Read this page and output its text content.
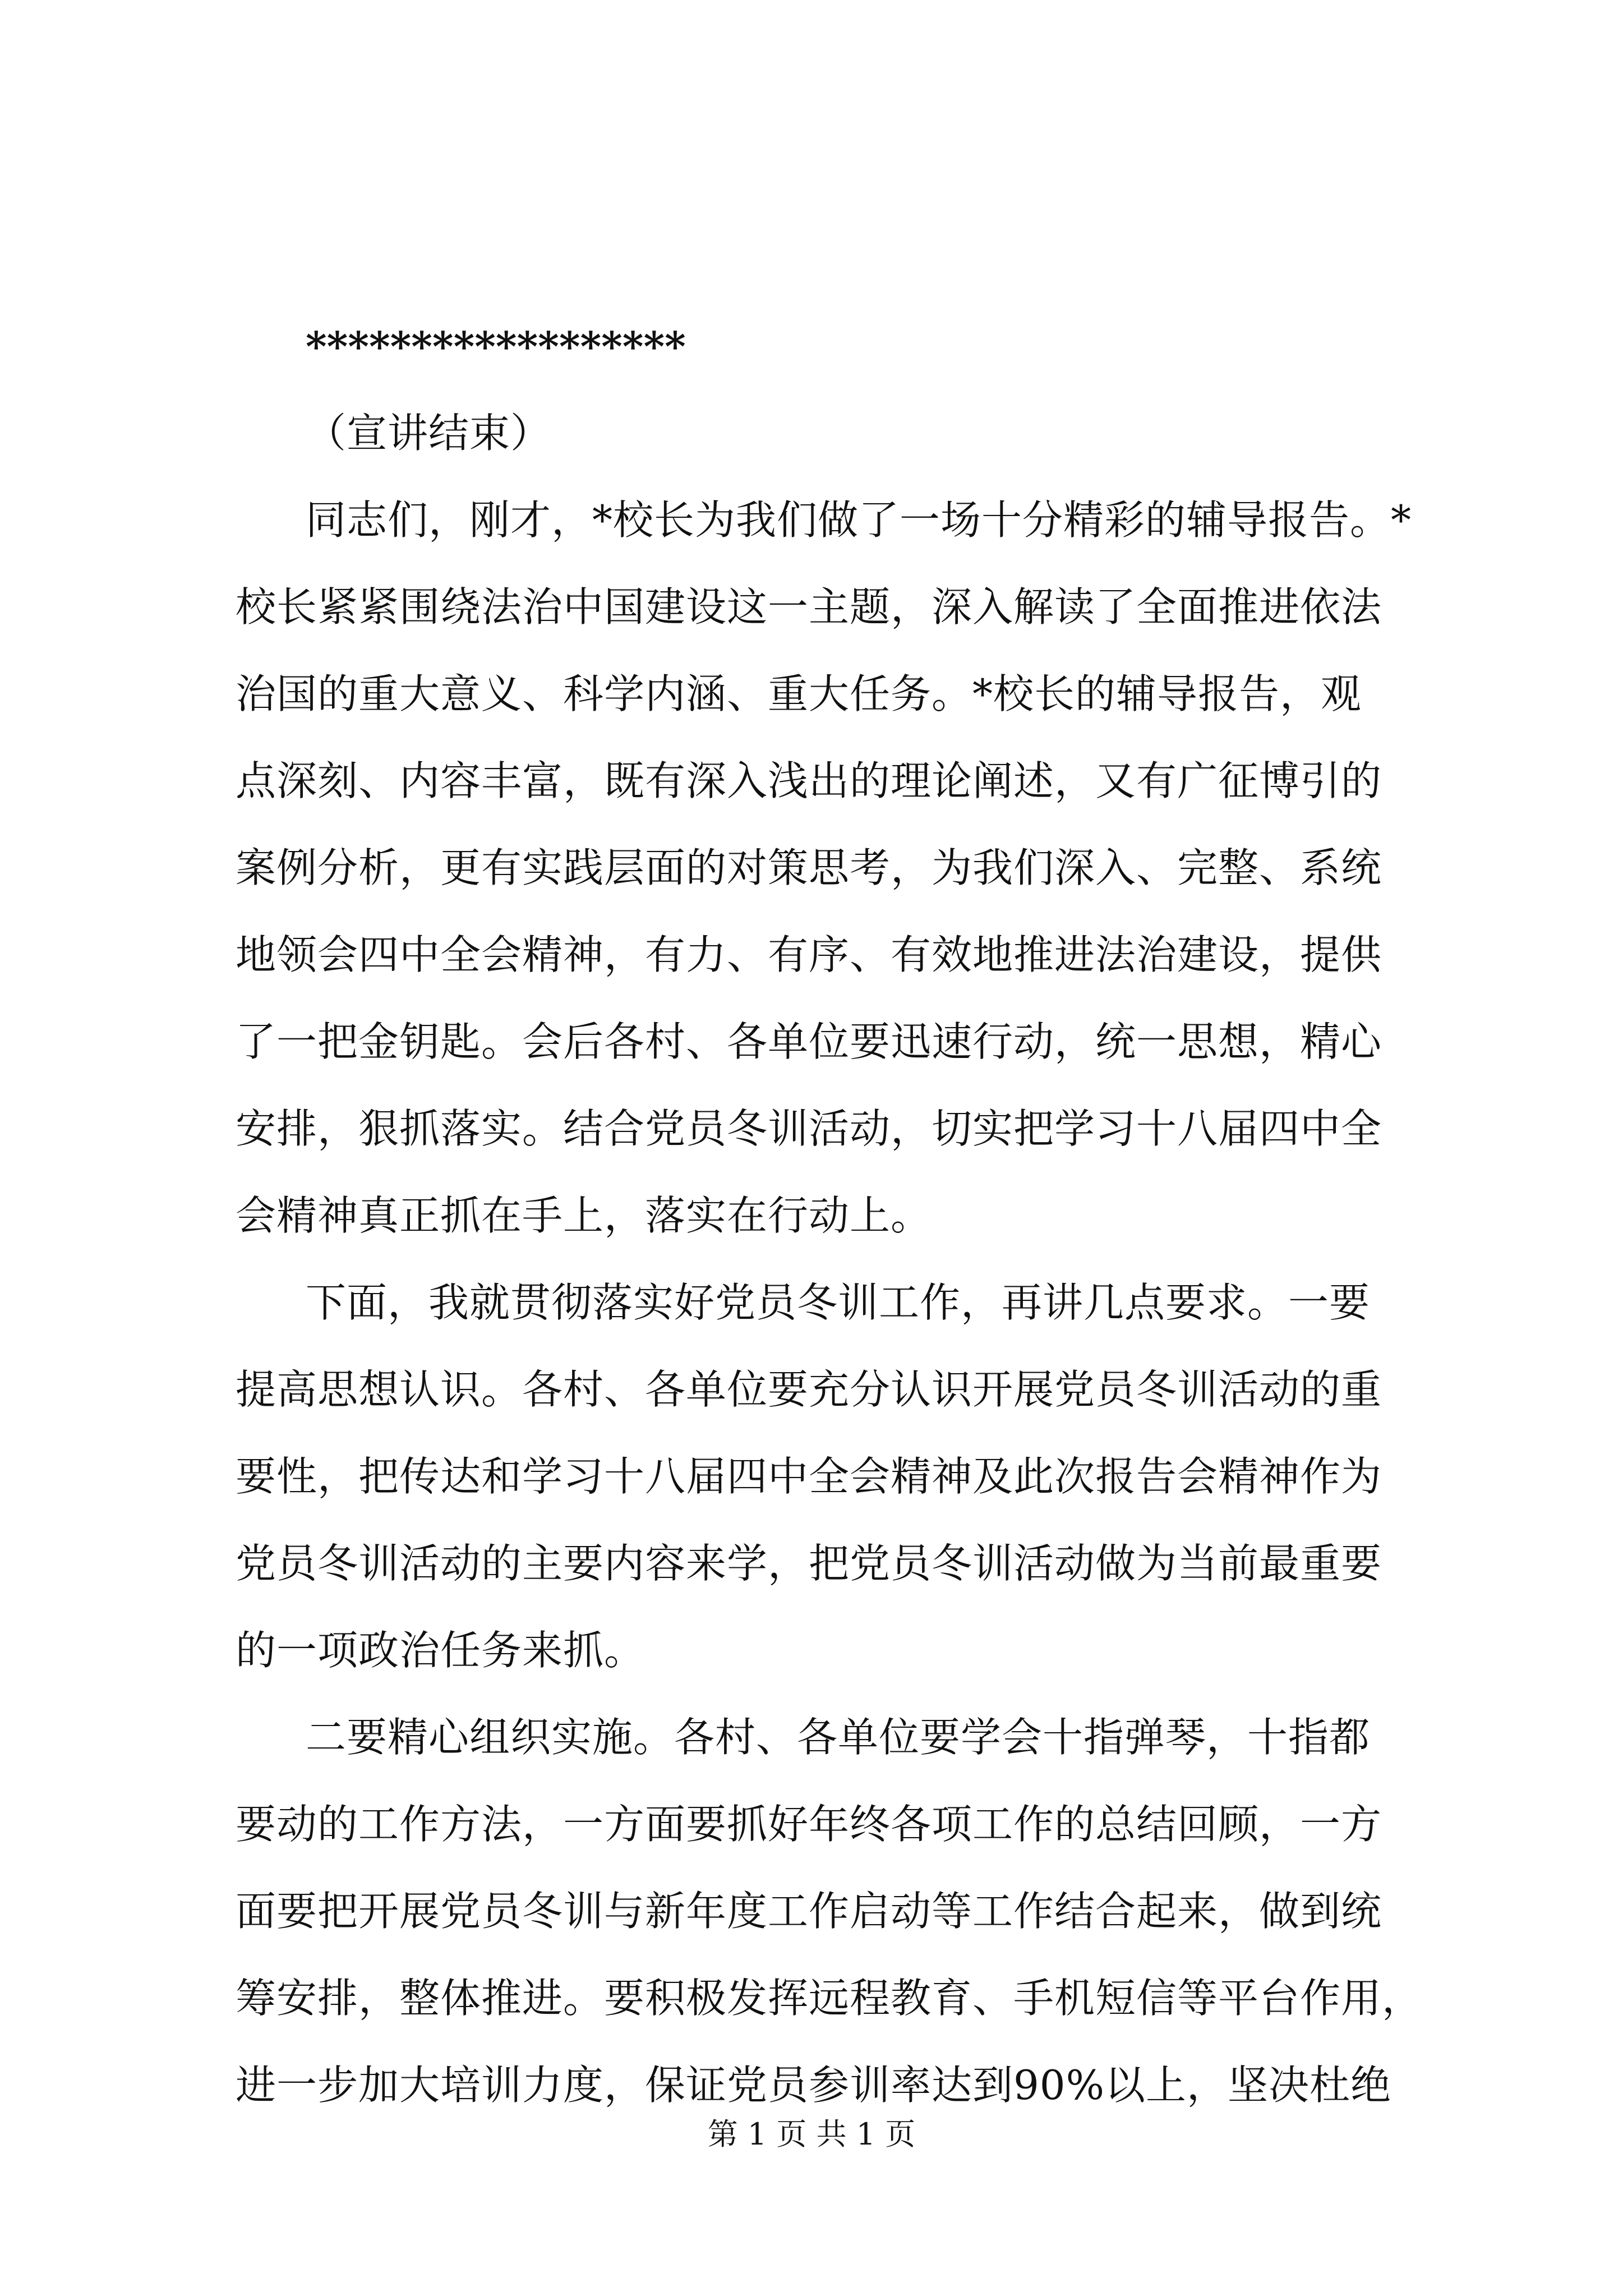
******************
（宣讲结束）
同志们，刚才，*校长为我们做了一场十分精彩的辅导报告。*
校长紧紧围绕法治中国建设这一主题，深入解读了全面推进依法
治国的重大意义、科学内涵、重大任务。*校长的辅导报告，观
点深刻、内容丰富，既有深入浅出的理论阐述，又有广征博引的
案例分析，更有实践层面的对策思考，为我们深入、完整、系统
地领会四中全会精神，有力、有序、有效地推进法治建设，提供
了一把金钥匙。会后各村、各单位要迅速行动，统一思想，精心
安排，狠抓落实。结合党员冬训活动，切实把学习十八届四中全
会精神真正抓在手上，落实在行动上。
下面，我就贯彻落实好党员冬训工作，再讲几点要求。一要
提高思想认识。各村、各单位要充分认识开展党员冬训活动的重
要性，把传达和学习十八届四中全会精神及此次报告会精神作为
党员冬训活动的主要内容来学，把党员冬训活动做为当前最重要
的一项政治任务来抓。
二要精心组织实施。各村、各单位要学会十指弹琴，十指都
要动的工作方法，一方面要抓好年终各项工作的总结回顾，一方
面要把开展党员冬训与新年度工作启动等工作结合起来，做到统
筹安排，整体推进。要积极发挥远程教育、手机短信等平台作用，
进一步加大培训力度，保证党员参训率达到90%以上，坚决杜绝
第 1 页 共 1 页
